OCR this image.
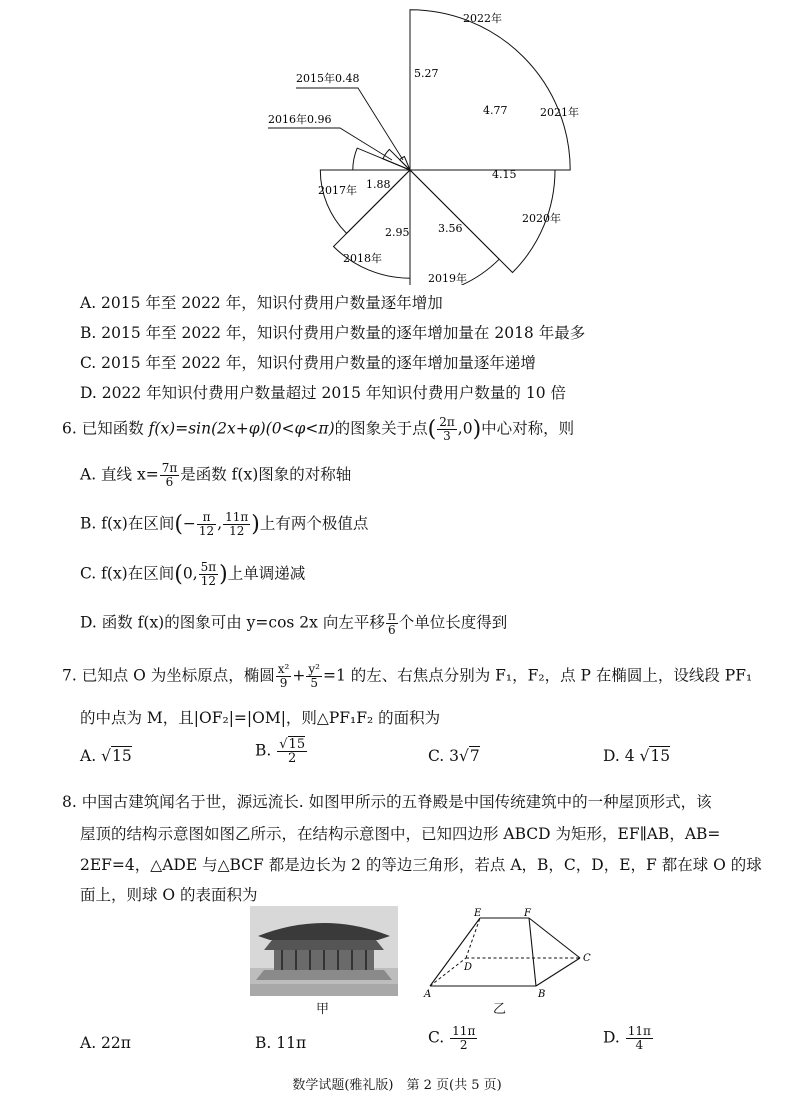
2017年 1.88
2018年
2.95
2019年
3.56
2020年
4.15
2021年
4.77
2022年
5.27
2015年0.48
2016年0.96
A. 2015 年至 2022 年，知识付费用户数量逐年增加
B. 2015 年至 2022 年，知识付费用户数量的逐年增加量在 2018 年最多
C. 2015 年至 2022 年，知识付费用户数量的逐年增加量逐年递增
D. 2022 年知识付费用户数量超过 2015 年知识付费用户数量的 10 倍
6. 已知函数 f(x)=sin(2x+φ)(0<φ<π)的图象关于点( $\frac{2\pi}{3} ,0$)中心对称，则
A. 直线 $x= \frac{7\pi}{6}$ 是函数 f(x)图象的对称轴
B. f(x)在区间(− $\frac{\pi}{12}$ , $\frac{11\pi}{12}$ )上有两个极值点
C. f(x)在区间(0, $\frac{5\pi}{12}$ )上单调递减
D. 函数 f(x)的图象可由 y=cos 2x 向左平移 $\frac{\pi}{6}$ 个单位长度得到
7. 已知点 O 为坐标原点，椭圆 $\frac{\text{x²}}{9} + \frac{\text{y²}}{5} =1$ 的左、右焦点分别为 F₁，F₂，点 P 在椭圆上，设线段 PF₁
的中点为 M，且|OF₂|=|OM|，则△PF₁F₂ 的面积为
A. √15	B. $\frac{√15}{2}$	C. 3√7	D. 4 √15
8. 中国古建筑闻名于世，源远流长. 如图甲所示的五脊殿是中国传统建筑中的一种屋顶形式，该
屋顶的结构示意图如图乙所示，在结构示意图中，已知四边形 ABCD 为矩形，EF∥AB，AB=
2EF=4，△ADE 与△BCF 都是边长为 2 的等边三角形，若点 A，B，C，D，E，F 都在球 O 的球
面上，则球 O 的表面积为
甲
E	F
C
D
A	B
乙
A. 22π	B. 11π	C. $\frac{11\pi}{2}$	D. $\frac{11\pi}{4}$
数学试题(雅礼版)　第 2 页(共 5 页)
